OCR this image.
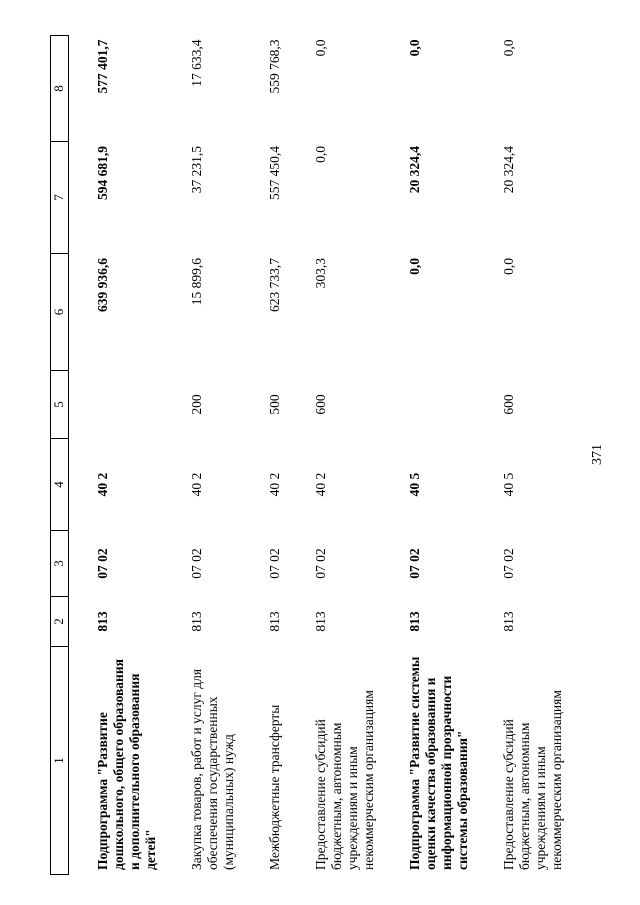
371
1	2	3	4	5	6	7	8
Подпрограмма "Развитие дошкольного, общего образования и дополнительного образования детей"	813	07 02	40 2		639 936,6	594 681,9	577 401,7
Закупка товаров, работ и услуг для обеспечения государственных (муниципальных) нужд	813	07 02	40 2	200	15 899,6	37 231,5	17 633,4
Межбюджетные трансферты	813	07 02	40 2	500	623 733,7	557 450,4	559 768,3
Предоставление субсидий бюджетным, автономным учреждениям и иным некоммерческим организациям	813	07 02	40 2	600	303,3	0,0	0,0
Подпрограмма "Развитие системы оценки качества образования и информационной прозрачности системы образования"	813	07 02	40 5		0,0	20 324,4	0,0
Предоставление субсидий бюджетным, автономным учреждениям и иным некоммерческим организациям	813	07 02	40 5	600	0,0	20 324,4	0,0
